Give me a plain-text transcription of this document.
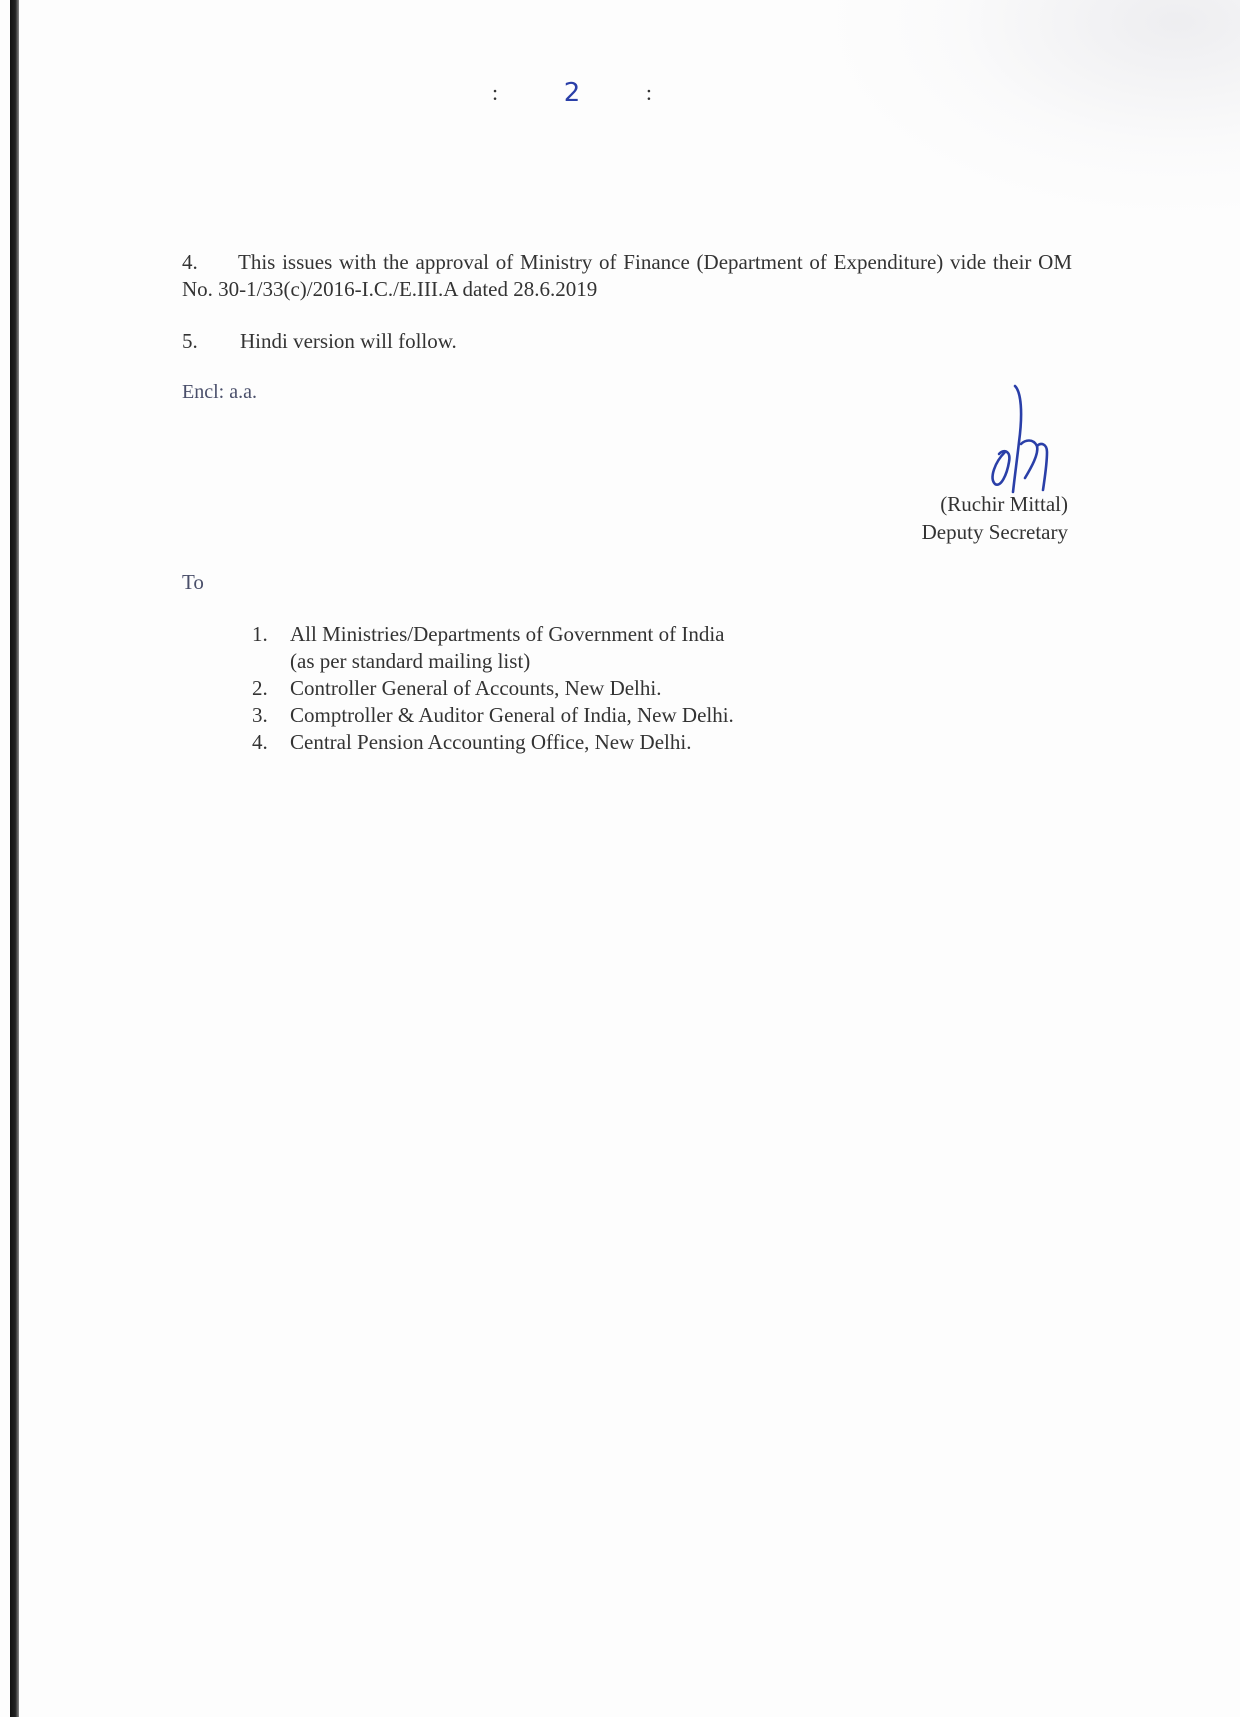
:	2	:
4. This issues with the approval of Ministry of Finance (Department of Expenditure) vide their OM No. 30-1/33(c)/2016-I.C./E.III.A dated 28.6.2019
5. Hindi version will follow.
Encl: a.a.
(Ruchir Mittal)
Deputy Secretary
To
1.	All Ministries/Departments of Government of India
(as per standard mailing list)
2.	Controller General of Accounts, New Delhi.
3.	Comptroller & Auditor General of India, New Delhi.
4.	Central Pension Accounting Office, New Delhi.
